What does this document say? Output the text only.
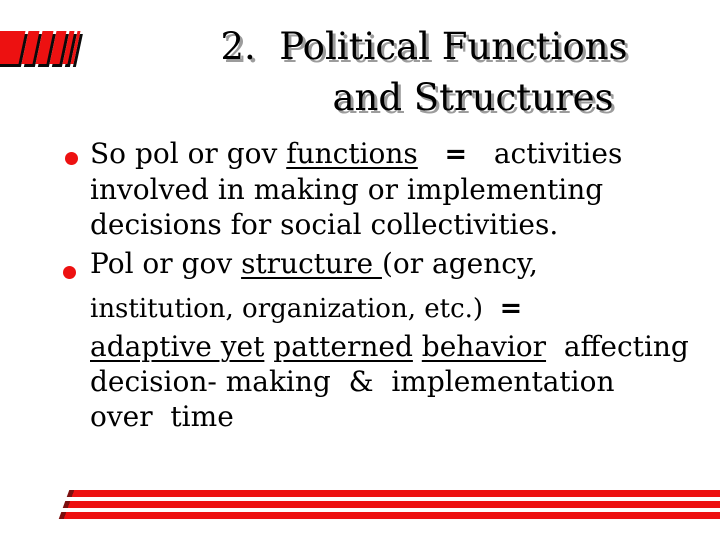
2.  Political Functions
and Structures
So pol or gov functions =   activities
involved in making or implementing
decisions for social collectivities.
Pol or gov structure (or agency,
institution, organization, etc.)  =
adaptive yet patterned behavior  affecting
decision- making  &  implementation
over  time
